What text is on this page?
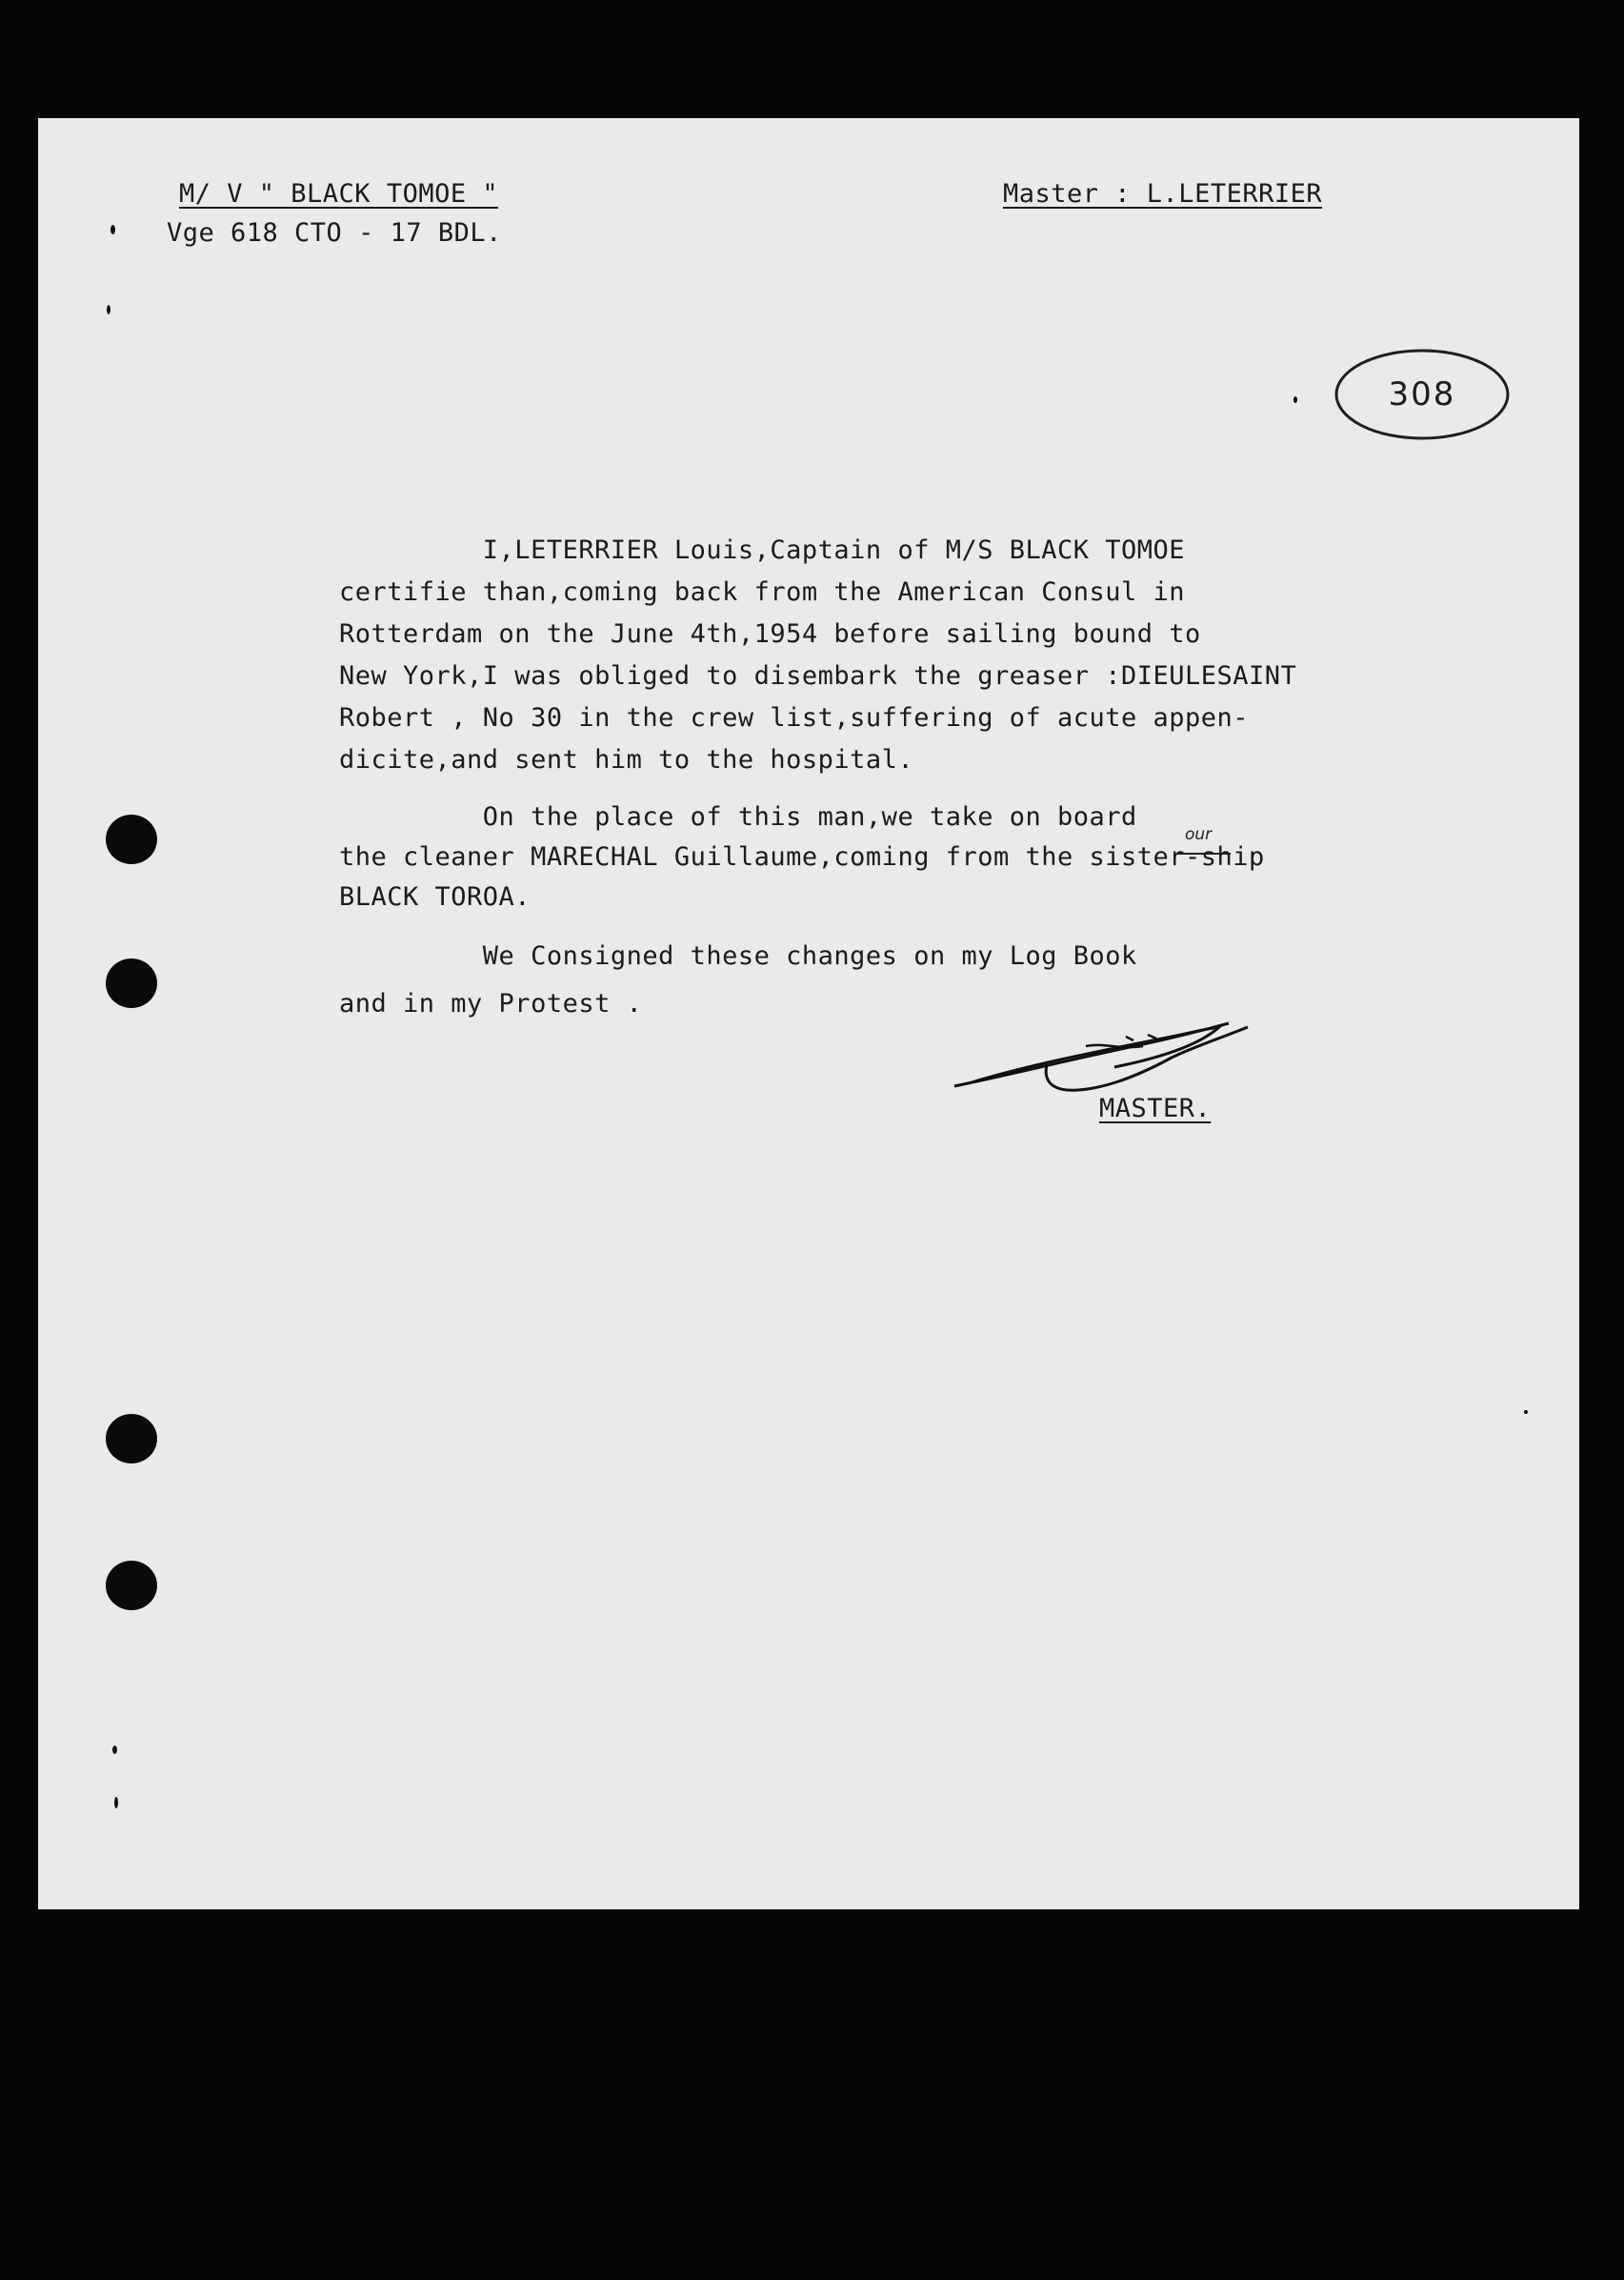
M/ V " BLACK TOMOE "
Vge 618 CTO - 17 BDL.
Master : L.LETERRIER
308
I,LETERRIER Louis,Captain of M/S BLACK TOMOE
certifie than,coming back from the American Consul in
Rotterdam on the June 4th,1954 before sailing bound to
New York,I was obliged to disembark the greaser :DIEULESAINT
Robert , No 30 in the crew list,suffering of acute appen-
dicite,and sent him to the hospital.
On the place of this man,we take on board
the cleaner MARECHAL Guillaume,coming from the sister-ship
BLACK TOROA.
We Consigned these changes on my Log Book
and in my Protest .
our
MASTER.
